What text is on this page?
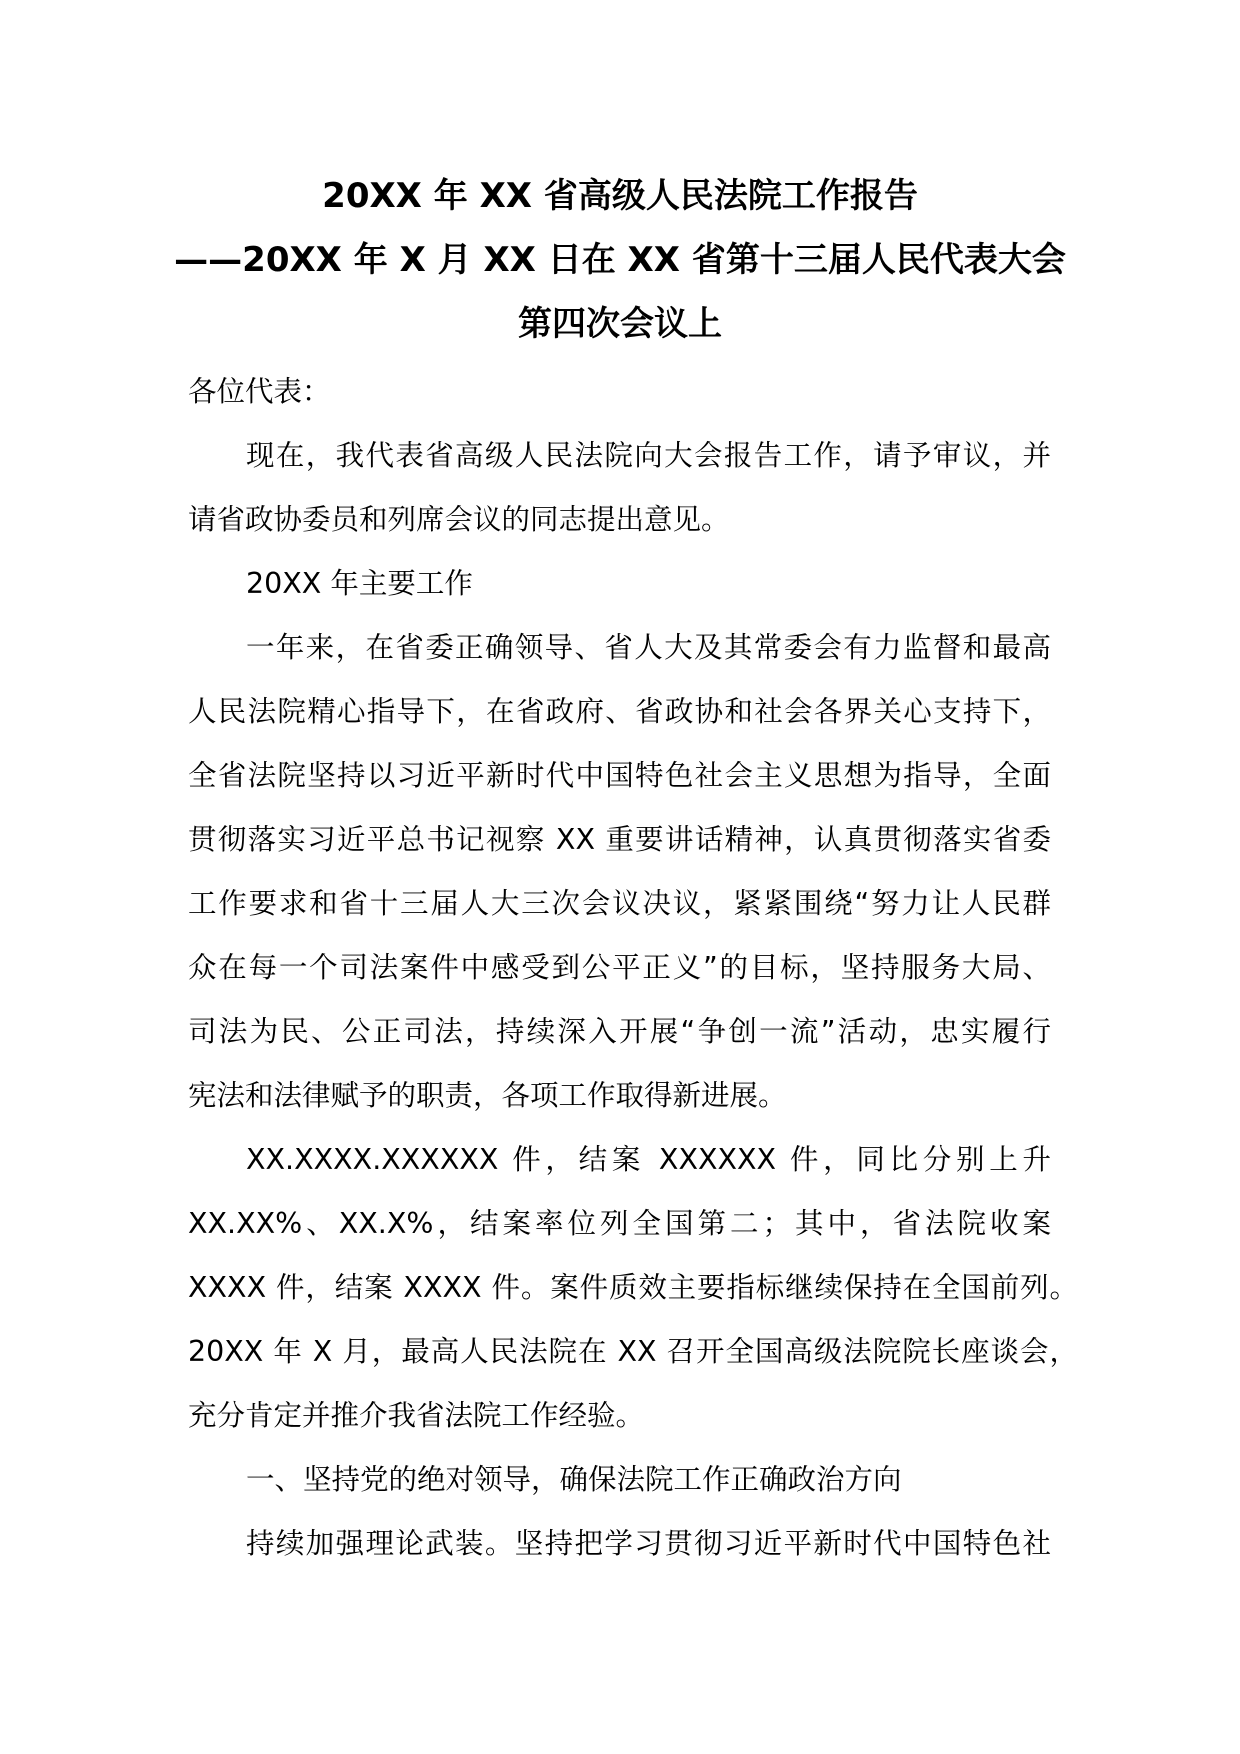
20XX 年 XX 省高级人民法院工作报告
——20XX 年 X 月 XX 日在 XX 省第十三届人民代表大会
第四次会议上
各位代表：
现在，我代表省高级人民法院向大会报告工作，请予审议，并
请省政协委员和列席会议的同志提出意见。
20XX 年主要工作
一年来，在省委正确领导、省人大及其常委会有力监督和最高
人民法院精心指导下，在省政府、省政协和社会各界关心支持下，
全省法院坚持以习近平新时代中国特色社会主义思想为指导，全面
贯彻落实习近平总书记视察 XX 重要讲话精神，认真贯彻落实省委
工作要求和省十三届人大三次会议决议，紧紧围绕“努力让人民群
众在每一个司法案件中感受到公平正义”的目标，坚持服务大局、
司法为民、公正司法，持续深入开展“争创一流”活动，忠实履行
宪法和法律赋予的职责，各项工作取得新进展。
XX.XXXX.XXXXXX 件，结案 XXXXXX 件，同比分别上升
XX.XX%、XX.X%，结案率位列全国第二；其中，省法院收案
XXXX 件，结案 XXXX 件。案件质效主要指标继续保持在全国前列。
20XX 年 X 月，最高人民法院在 XX 召开全国高级法院院长座谈会，
充分肯定并推介我省法院工作经验。
一、坚持党的绝对领导，确保法院工作正确政治方向
持续加强理论武装。坚持把学习贯彻习近平新时代中国特色社
